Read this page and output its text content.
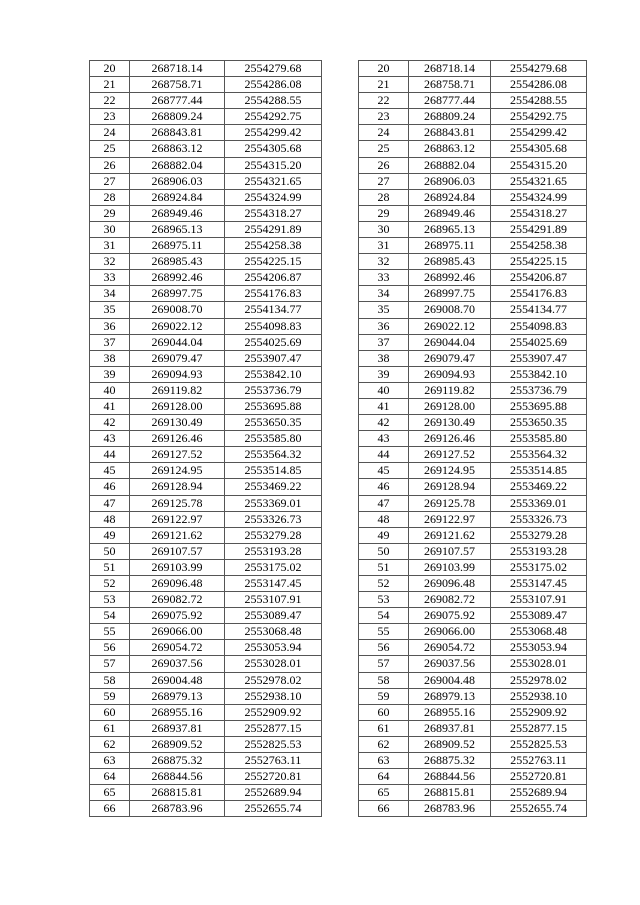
20	268718.14	2554279.68
21	268758.71	2554286.08
22	268777.44	2554288.55
23	268809.24	2554292.75
24	268843.81	2554299.42
25	268863.12	2554305.68
26	268882.04	2554315.20
27	268906.03	2554321.65
28	268924.84	2554324.99
29	268949.46	2554318.27
30	268965.13	2554291.89
31	268975.11	2554258.38
32	268985.43	2554225.15
33	268992.46	2554206.87
34	268997.75	2554176.83
35	269008.70	2554134.77
36	269022.12	2554098.83
37	269044.04	2554025.69
38	269079.47	2553907.47
39	269094.93	2553842.10
40	269119.82	2553736.79
41	269128.00	2553695.88
42	269130.49	2553650.35
43	269126.46	2553585.80
44	269127.52	2553564.32
45	269124.95	2553514.85
46	269128.94	2553469.22
47	269125.78	2553369.01
48	269122.97	2553326.73
49	269121.62	2553279.28
50	269107.57	2553193.28
51	269103.99	2553175.02
52	269096.48	2553147.45
53	269082.72	2553107.91
54	269075.92	2553089.47
55	269066.00	2553068.48
56	269054.72	2553053.94
57	269037.56	2553028.01
58	269004.48	2552978.02
59	268979.13	2552938.10
60	268955.16	2552909.92
61	268937.81	2552877.15
62	268909.52	2552825.53
63	268875.32	2552763.11
64	268844.56	2552720.81
65	268815.81	2552689.94
66	268783.96	2552655.74
20	268718.14	2554279.68
21	268758.71	2554286.08
22	268777.44	2554288.55
23	268809.24	2554292.75
24	268843.81	2554299.42
25	268863.12	2554305.68
26	268882.04	2554315.20
27	268906.03	2554321.65
28	268924.84	2554324.99
29	268949.46	2554318.27
30	268965.13	2554291.89
31	268975.11	2554258.38
32	268985.43	2554225.15
33	268992.46	2554206.87
34	268997.75	2554176.83
35	269008.70	2554134.77
36	269022.12	2554098.83
37	269044.04	2554025.69
38	269079.47	2553907.47
39	269094.93	2553842.10
40	269119.82	2553736.79
41	269128.00	2553695.88
42	269130.49	2553650.35
43	269126.46	2553585.80
44	269127.52	2553564.32
45	269124.95	2553514.85
46	269128.94	2553469.22
47	269125.78	2553369.01
48	269122.97	2553326.73
49	269121.62	2553279.28
50	269107.57	2553193.28
51	269103.99	2553175.02
52	269096.48	2553147.45
53	269082.72	2553107.91
54	269075.92	2553089.47
55	269066.00	2553068.48
56	269054.72	2553053.94
57	269037.56	2553028.01
58	269004.48	2552978.02
59	268979.13	2552938.10
60	268955.16	2552909.92
61	268937.81	2552877.15
62	268909.52	2552825.53
63	268875.32	2552763.11
64	268844.56	2552720.81
65	268815.81	2552689.94
66	268783.96	2552655.74
